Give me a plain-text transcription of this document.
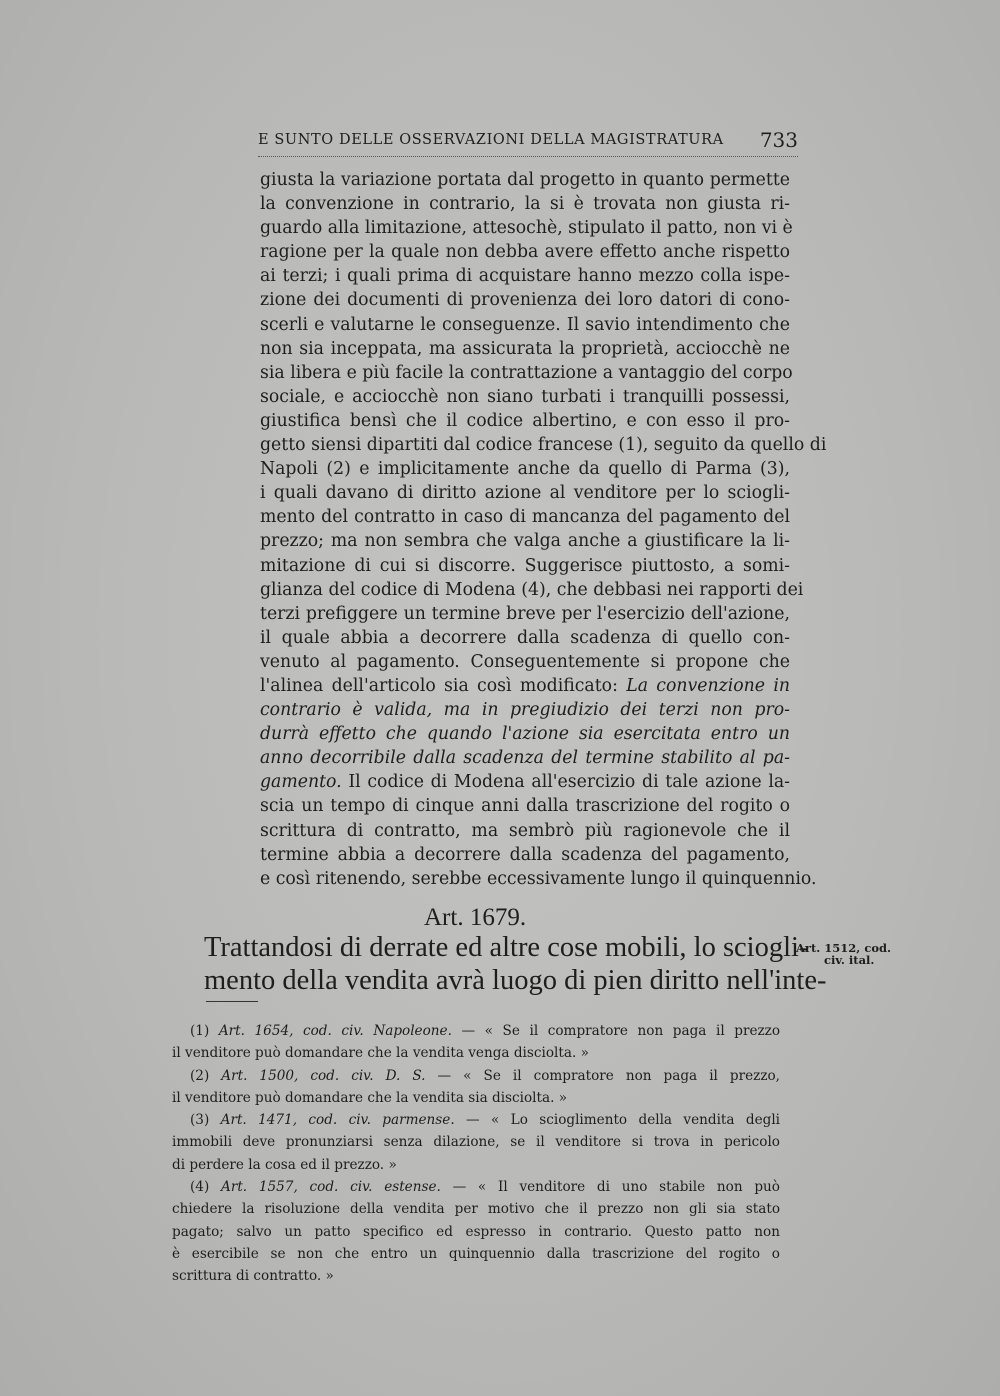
E SUNTO DELLE OSSERVAZIONI DELLA MAGISTRATURA 733
giusta la variazione portata dal progetto in quanto permette
la convenzione in contrario, la si è trovata non giusta ri-
guardo alla limitazione, attesochè, stipulato il patto, non vi è
ragione per la quale non debba avere effetto anche rispetto
ai terzi; i quali prima di acquistare hanno mezzo colla ispe-
zione dei documenti di provenienza dei loro datori di cono-
scerli e valutarne le conseguenze. Il savio intendimento che
non sia inceppata, ma assicurata la proprietà, acciocchè ne
sia libera e più facile la contrattazione a vantaggio del corpo
sociale, e acciocchè non siano turbati i tranquilli possessi,
giustifica bensì che il codice albertino, e con esso il pro-
getto siensi dipartiti dal codice francese (1), seguito da quello di
Napoli (2) e implicitamente anche da quello di Parma (3),
i quali davano di diritto azione al venditore per lo sciogli-
mento del contratto in caso di mancanza del pagamento del
prezzo; ma non sembra che valga anche a giustificare la li-
mitazione di cui si discorre. Suggerisce piuttosto, a somi-
glianza del codice di Modena (4), che debbasi nei rapporti dei
terzi prefiggere un termine breve per l'esercizio dell'azione,
il quale abbia a decorrere dalla scadenza di quello con-
venuto al pagamento. Conseguentemente si propone che
l'alinea dell'articolo sia così modificato: La convenzione in
contrario è valida, ma in pregiudizio dei terzi non pro-
durrà effetto che quando l'azione sia esercitata entro un
anno decorribile dalla scadenza del termine stabilito al pa-
gamento. Il codice di Modena all'esercizio di tale azione la-
scia un tempo di cinque anni dalla trascrizione del rogito o
scrittura di contratto, ma sembrò più ragionevole che il
termine abbia a decorrere dalla scadenza del pagamento,
e così ritenendo, serebbe eccessivamente lungo il quinquennio.
Art. 1679.
Trattandosi di derrate ed altre cose mobili, lo sciogli-
mento della vendita avrà luogo di pien diritto nell'inte-
Art. 1512, cod.
civ. ital.
(1) Art. 1654, cod. civ. Napoleone. — « Se il compratore non paga il prezzo
il venditore può domandare che la vendita venga disciolta. »
(2) Art. 1500, cod. civ. D. S. — « Se il compratore non paga il prezzo,
il venditore può domandare che la vendita sia disciolta. »
(3) Art. 1471, cod. civ. parmense. — « Lo scioglimento della vendita degli
immobili deve pronunziarsi senza dilazione, se il venditore si trova in pericolo
di perdere la cosa ed il prezzo. »
(4) Art. 1557, cod. civ. estense. — « Il venditore di uno stabile non può
chiedere la risoluzione della vendita per motivo che il prezzo non gli sia stato
pagato; salvo un patto specifico ed espresso in contrario. Questo patto non
è esercibile se non che entro un quinquennio dalla trascrizione del rogito o
scrittura di contratto. »
